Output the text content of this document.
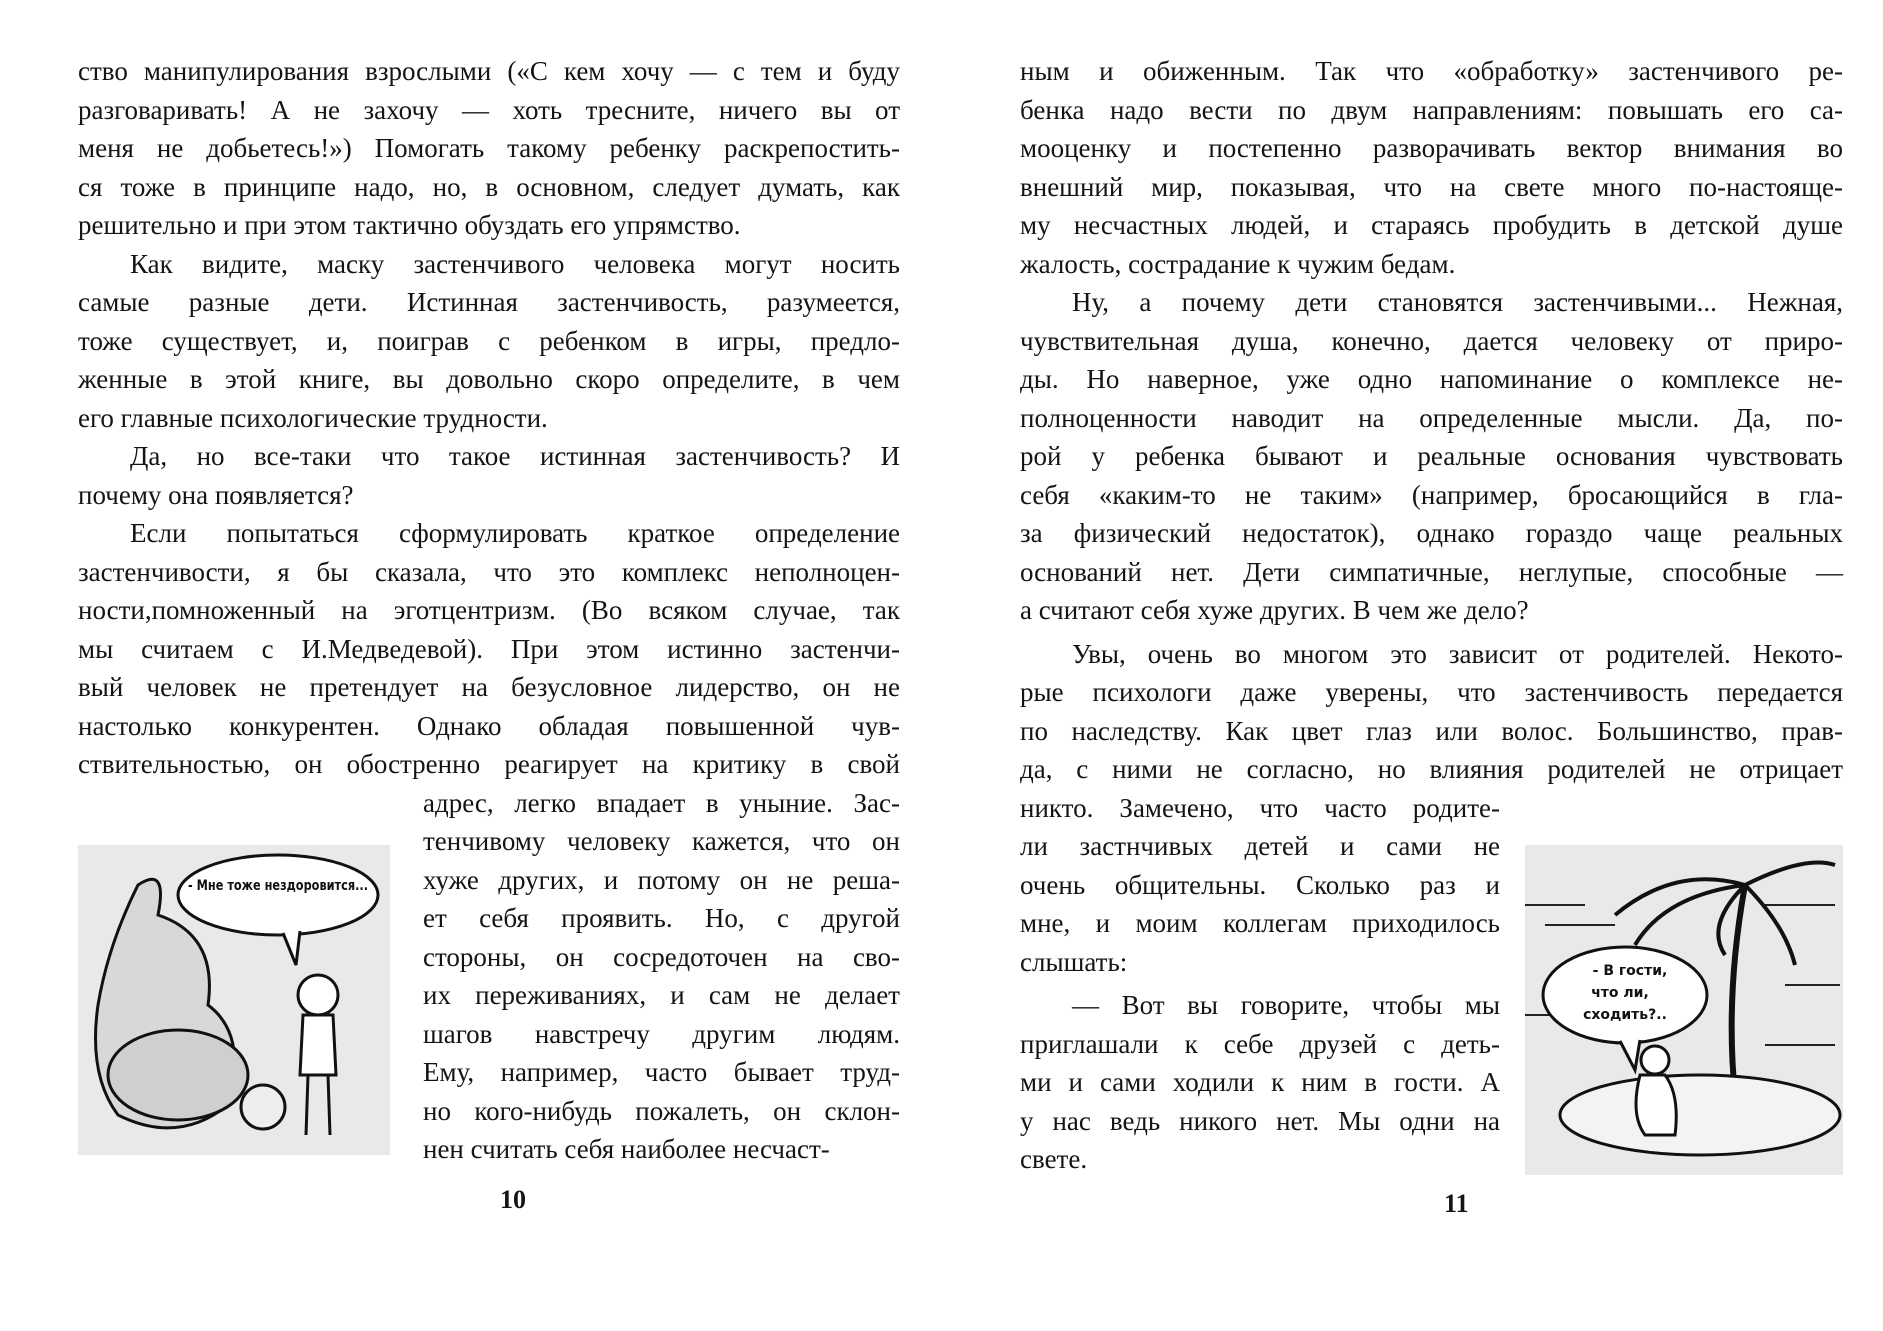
ство манипулирования взрослыми («С кем хочу — с тем и буду
разговаривать! А не захочу — хоть тресните, ничего вы от
меня не добьетесь!») Помогать такому ребенку раскрепостить-
ся тоже в принципе надо, но, в основном, следует думать, как
решительно и при этом тактично обуздать его упрямство.
Как видите, маску застенчивого человека могут носить
самые разные дети. Истинная застенчивость, разумеется,
тоже существует, и, поиграв с ребенком в игры, предло-
женные в этой книге, вы довольно скоро определите, в чем
его главные психологические трудности.
Да, но все-таки что такое истинная застенчивость? И
почему она появляется?
Если попытаться сформулировать краткое определение
застенчивости, я бы сказала, что это комплекс неполноцен-
ности,помноженный на эготцентризм. (Во всяком случае, так
мы считаем с И.Медведевой). При этом истинно застенчи-
вый человек не претендует на безусловное лидерство, он не
настолько конкурентен. Однако обладая повышенной чув-
ствительностью, он обостренно реагирует на критику в свой
адрес, легко впадает в уныние. Зас-
тенчивому человеку кажется, что он
хуже других, и потому он не реша-
ет себя проявить. Но, с другой
стороны, он сосредоточен на сво-
их переживаниях, и сам не делает
шагов навстречу другим людям.
Ему, например, часто бывает труд-
но кого-нибудь пожалеть, он склон-
нен считать себя наиболее несчаст-
ным и обиженным. Так что «обработку» застенчивого ре-
бенка надо вести по двум направлениям: повышать его са-
мооценку и постепенно разворачивать вектор внимания во
внешний мир, показывая, что на свете много по-настояще-
му несчастных людей, и стараясь пробудить в детской душе
жалость, сострадание к чужим бедам.
Ну, а почему дети становятся застенчивыми... Нежная,
чувствительная душа, конечно, дается человеку от приро-
ды. Но наверное, уже одно напоминание о комплексе не-
полноценности наводит на определенные мысли. Да, по-
рой у ребенка бывают и реальные основания чувствовать
себя «каким-то не таким» (например, бросающийся в гла-
за физический недостаток), однако гораздо чаще реальных
оснований нет. Дети симпатичные, неглупые, способные —
а считают себя хуже других. В чем же дело?
Увы, очень во многом это зависит от родителей. Некото-
рые психологи даже уверены, что застенчивость передается
по наследству. Как цвет глаз или волос. Большинство, прав-
да, с ними не согласно, но влияния родителей не отрицает
никто. Замечено, что часто родите-
ли застнчивых детей и сами не
очень общительны. Сколько раз и
мне, и моим коллегам приходилось
слышать:
— Вот вы говорите, чтобы мы
приглашали к себе друзей с деть-
ми и сами ходили к ним в гости. А
у нас ведь никого нет. Мы одни на
свете.
- Мне тоже нездоровится...
- В гости,
что ли,
сходить?..
10	11
